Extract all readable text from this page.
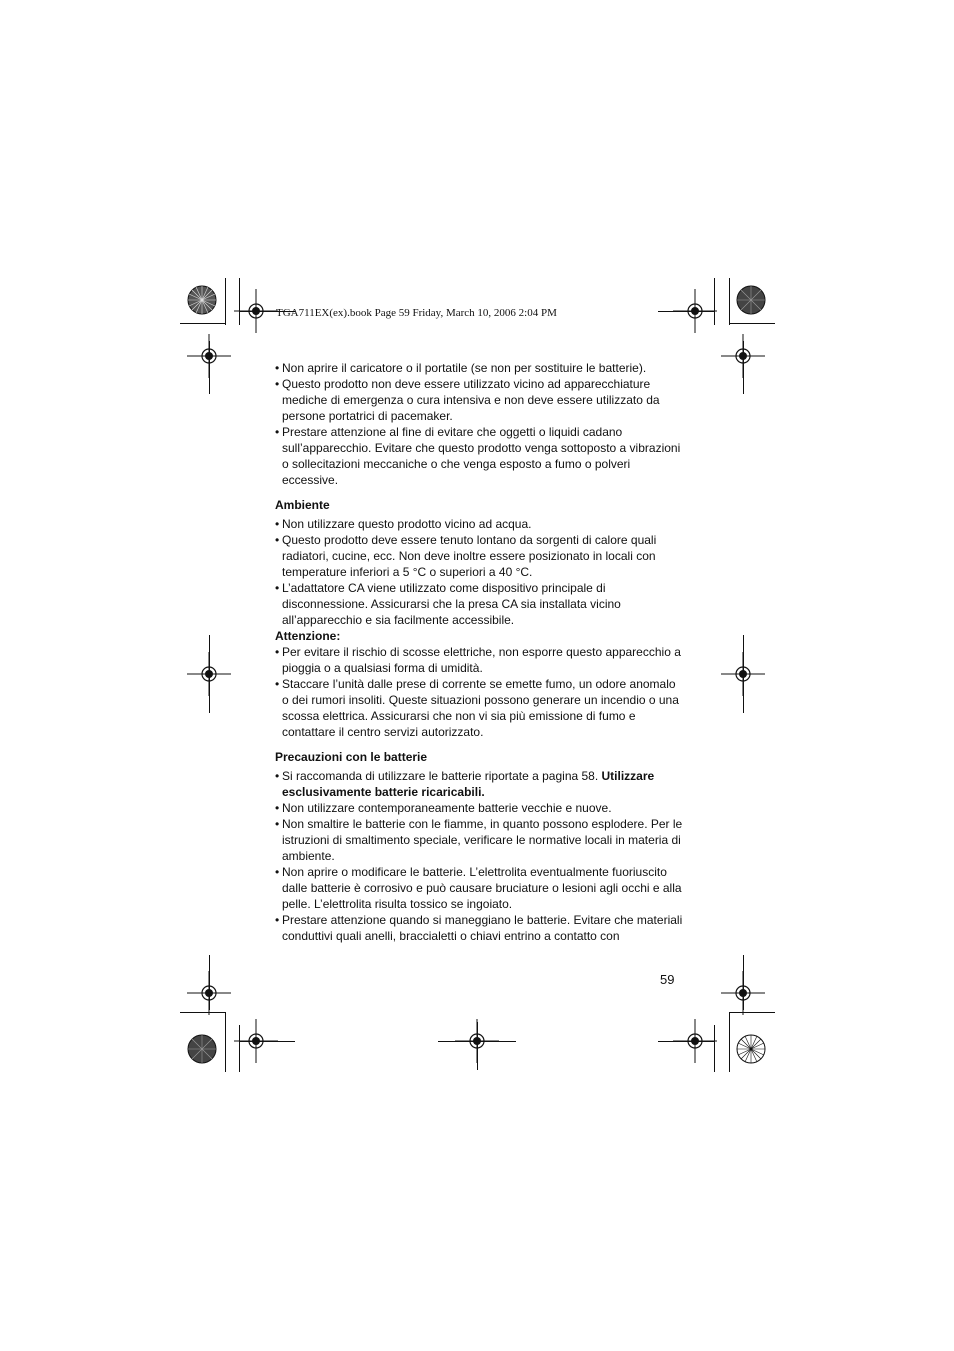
TGA711EX(ex).book Page 59 Friday, March 10, 2006 2:04 PM
• Non aprire il caricatore o il portatile (se non per sostituire le batterie).
• Questo prodotto non deve essere utilizzato vicino ad apparecchiature mediche di emergenza o cura intensiva e non deve essere utilizzato da persone portatrici di pacemaker.
• Prestare attenzione al fine di evitare che oggetti o liquidi cadano sull’apparecchio. Evitare che questo prodotto venga sottoposto a vibrazioni o sollecitazioni meccaniche o che venga esposto a fumo o polveri eccessive.
Ambiente
• Non utilizzare questo prodotto vicino ad acqua.
• Questo prodotto deve essere tenuto lontano da sorgenti di calore quali radiatori, cucine, ecc. Non deve inoltre essere posizionato in locali con temperature inferiori a 5 °C o superiori a 40 °C.
• L’adattatore CA viene utilizzato come dispositivo principale di disconnessione. Assicurarsi che la presa CA sia installata vicino all’apparecchio e sia facilmente accessibile.
Attenzione:
• Per evitare il rischio di scosse elettriche, non esporre questo apparecchio a pioggia o a qualsiasi forma di umidità.
• Staccare l’unità dalle prese di corrente se emette fumo, un odore anomalo o dei rumori insoliti. Queste situazioni possono generare un incendio o una scossa elettrica. Assicurarsi che non vi sia più emissione di fumo e contattare il centro servizi autorizzato.
Precauzioni con le batterie
• Si raccomanda di utilizzare le batterie riportate a pagina 58. Utilizzare esclusivamente batterie ricaricabili.
• Non utilizzare contemporaneamente batterie vecchie e nuove.
• Non smaltire le batterie con le fiamme, in quanto possono esplodere. Per le istruzioni di smaltimento speciale, verificare le normative locali in materia di ambiente.
• Non aprire o modificare le batterie. L’elettrolita eventualmente fuoriuscito dalle batterie è corrosivo e può causare bruciature o lesioni agli occhi e alla pelle. L’elettrolita risulta tossico se ingoiato.
• Prestare attenzione quando si maneggiano le batterie. Evitare che materiali conduttivi quali anelli, braccialetti o chiavi entrino a contatto con
59
